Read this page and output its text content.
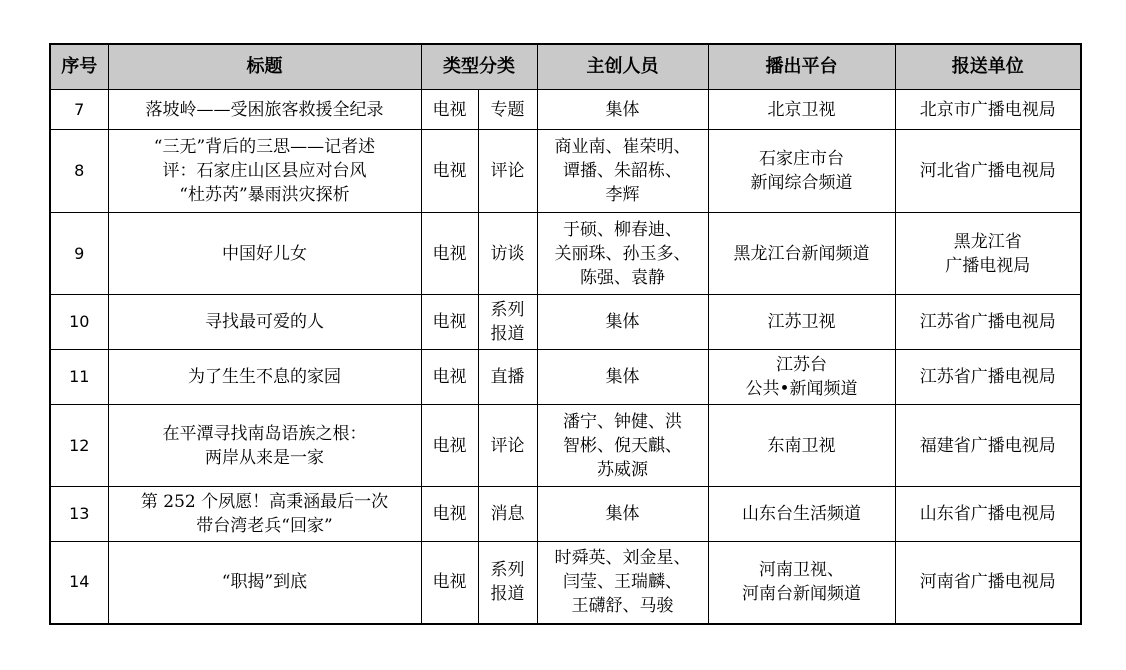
序号	标题	类型分类		主创人员	播出平台	报送单位
7	落坡岭——受困旅客救援全纪录	电视	专题	集体	北京卫视	北京市广播电视局
8	“三无”背后的三思——记者述
评：石家庄山区县应对台风
“杜苏芮”暴雨洪灾探析	电视	评论	商业南、崔荣明、
谭播、朱韶栋、
李辉	石家庄市台
新闻综合频道	河北省广播电视局
9	中国好儿女	电视	访谈	于硕、柳春迪、
关丽珠、孙玉多、
陈强、袁静	黑龙江台新闻频道	黑龙江省
广播电视局
10	寻找最可爱的人	电视	系列
报道	集体	江苏卫视	江苏省广播电视局
11	为了生生不息的家园	电视	直播	集体	江苏台
公共•新闻频道	江苏省广播电视局
12	在平潭寻找南岛语族之根：
两岸从来是一家	电视	评论	潘宁、钟健、洪
智彬、倪天麒、
苏威源	东南卫视	福建省广播电视局
13	第 252 个夙愿！高秉涵最后一次
带台湾老兵“回家”	电视	消息	集体	山东台生活频道	山东省广播电视局
14	“职揭”到底	电视	系列
报道	时舜英、刘金星、
闫莹、王瑞麟、
王礴舒、马骏	河南卫视、
河南台新闻频道	河南省广播电视局
